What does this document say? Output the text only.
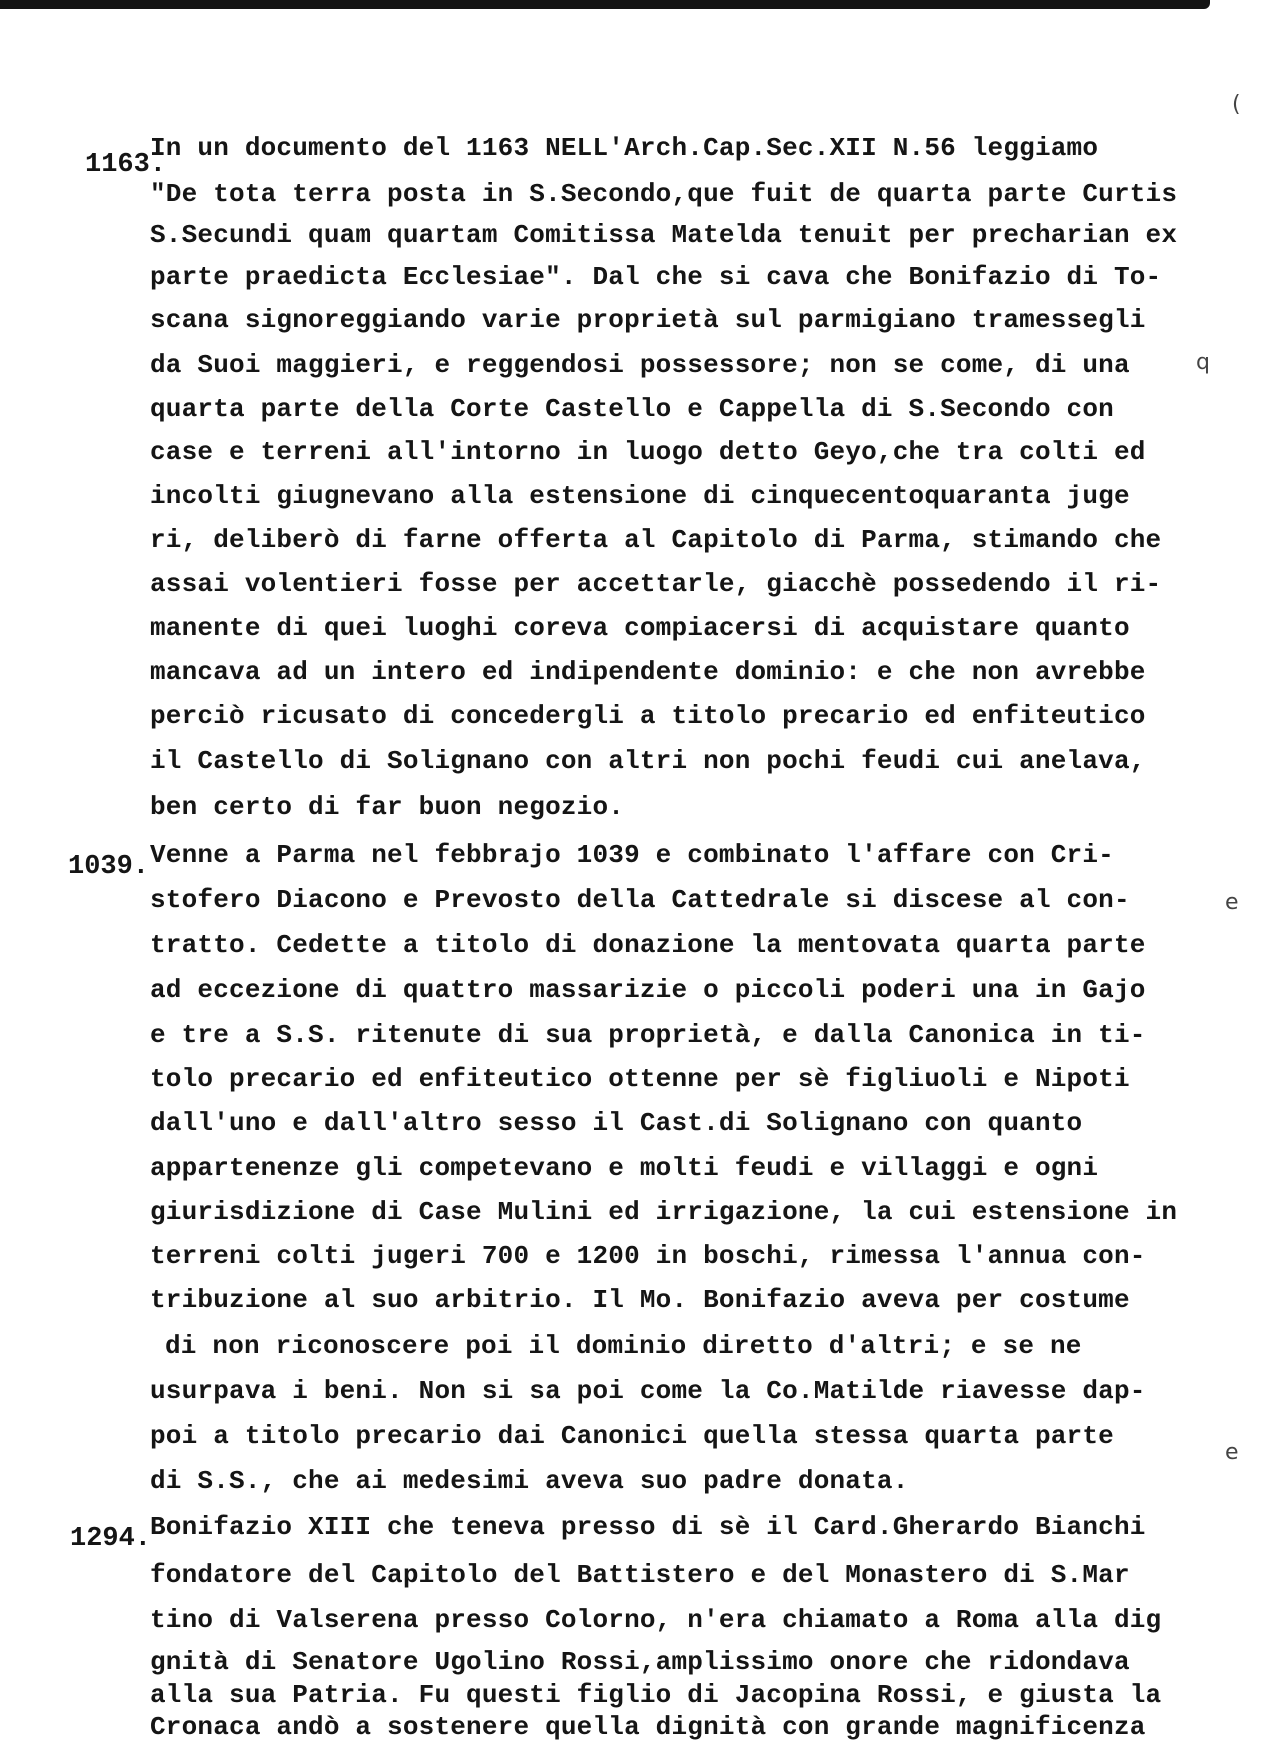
1163.
In un documento del 1163 NELL'Arch.Cap.Sec.XII N.56 leggiamo
"De tota terra posta in S.Secondo,que fuit de quarta parte Curtis
S.Secundi quam quartam Comitissa Matelda tenuit per precharian ex
parte praedicta Ecclesiae". Dal che si cava che Bonifazio di To-
scana signoreggiando varie proprietà sul parmigiano tramessegli
da Suoi maggieri, e reggendosi possessore; non se come, di una
quarta parte della Corte Castello e Cappella di S.Secondo con
case e terreni all'intorno in luogo detto Geyo,che tra colti ed
incolti giugnevano alla estensione di cinquecentoquaranta juge
ri, deliberò di farne offerta al Capitolo di Parma, stimando che
assai volentieri fosse per accettarle, giacchè possedendo il ri-
manente di quei luoghi coreva compiacersi di acquistare quanto
mancava ad un intero ed indipendente dominio: e che non avrebbe
perciò ricusato di concedergli a titolo precario ed enfiteutico
il Castello di Solignano con altri non pochi feudi cui anelava,
ben certo di far buon negozio.
1039. Venne a Parma nel febbrajo 1039 e combinato l'affare con Cri-
stofero Diacono e Prevosto della Cattedrale si discese al con-
tratto. Cedette a titolo di donazione la mentovata quarta parte
ad eccezione di quattro massarizie o piccoli poderi una in Gajo
e tre a S.S. ritenute di sua proprietà, e dalla Canonica in ti-
tolo precario ed enfiteutico ottenne per sè figliuoli e Nipoti
dall'uno e dall'altro sesso il Cast.di Solignano con quanto
appartenenze gli competevano e molti feudi e villaggi e ogni
giurisdizione di Case Mulini ed irrigazione, la cui estensione in
terreni colti jugeri 700 e 1200 in boschi, rimessa l'annua con-
tribuzione al suo arbitrio. Il Mo. Bonifazio aveva per costume
di non riconoscere poi il dominio diretto d'altri; e se ne
usurpava i beni. Non si sa poi come la Co.Matilde riavesse dap-
poi a titolo precario dai Canonici quella stessa quarta parte
di S.S., che ai medesimi aveva suo padre donata.
1294.
Bonifazio XIII che teneva presso di sè il Card.Gherardo Bianchi
fondatore del Capitolo del Battistero e del Monastero di S.Mar
tino di Valserena presso Colorno, n'era chiamato a Roma alla dig
gnità di Senatore Ugolino Rossi,amplissimo onore che ridondava
alla sua Patria. Fu questi figlio di Jacopina Rossi, e giusta la
Cronaca andò a sostenere quella dignità con grande magnificenza
(
q
e
e
